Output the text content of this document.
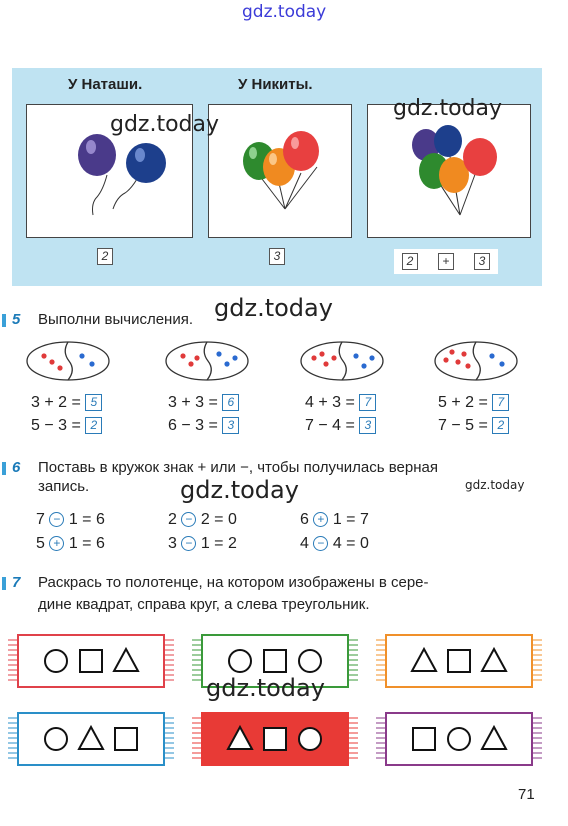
gdz.today
У Наташи.	У Никиты.
2	3	2	+	3
gdz.today
gdz.today
5 Выполни вычисления. gdz.today
3 + 2 = 5
5 − 3 = 2
3 + 3 = 6
6 − 3 = 3
4 + 3 = 7
7 − 4 = 3
5 + 2 = 7
7 − 5 = 2
6 Поставь в кружок знак + или −, чтобы получилась верная
запись.	gdz.today	gdz.today
7 − 1 = 6	2 − 2 = 0	6 + 1 = 7
5 + 1 = 6	3 − 1 = 2	4 − 4 = 0
7 Раскрась то полотенце, на котором изображены в сере-
дине квадрат, справа круг, а слева треугольник.
gdz.today
71
